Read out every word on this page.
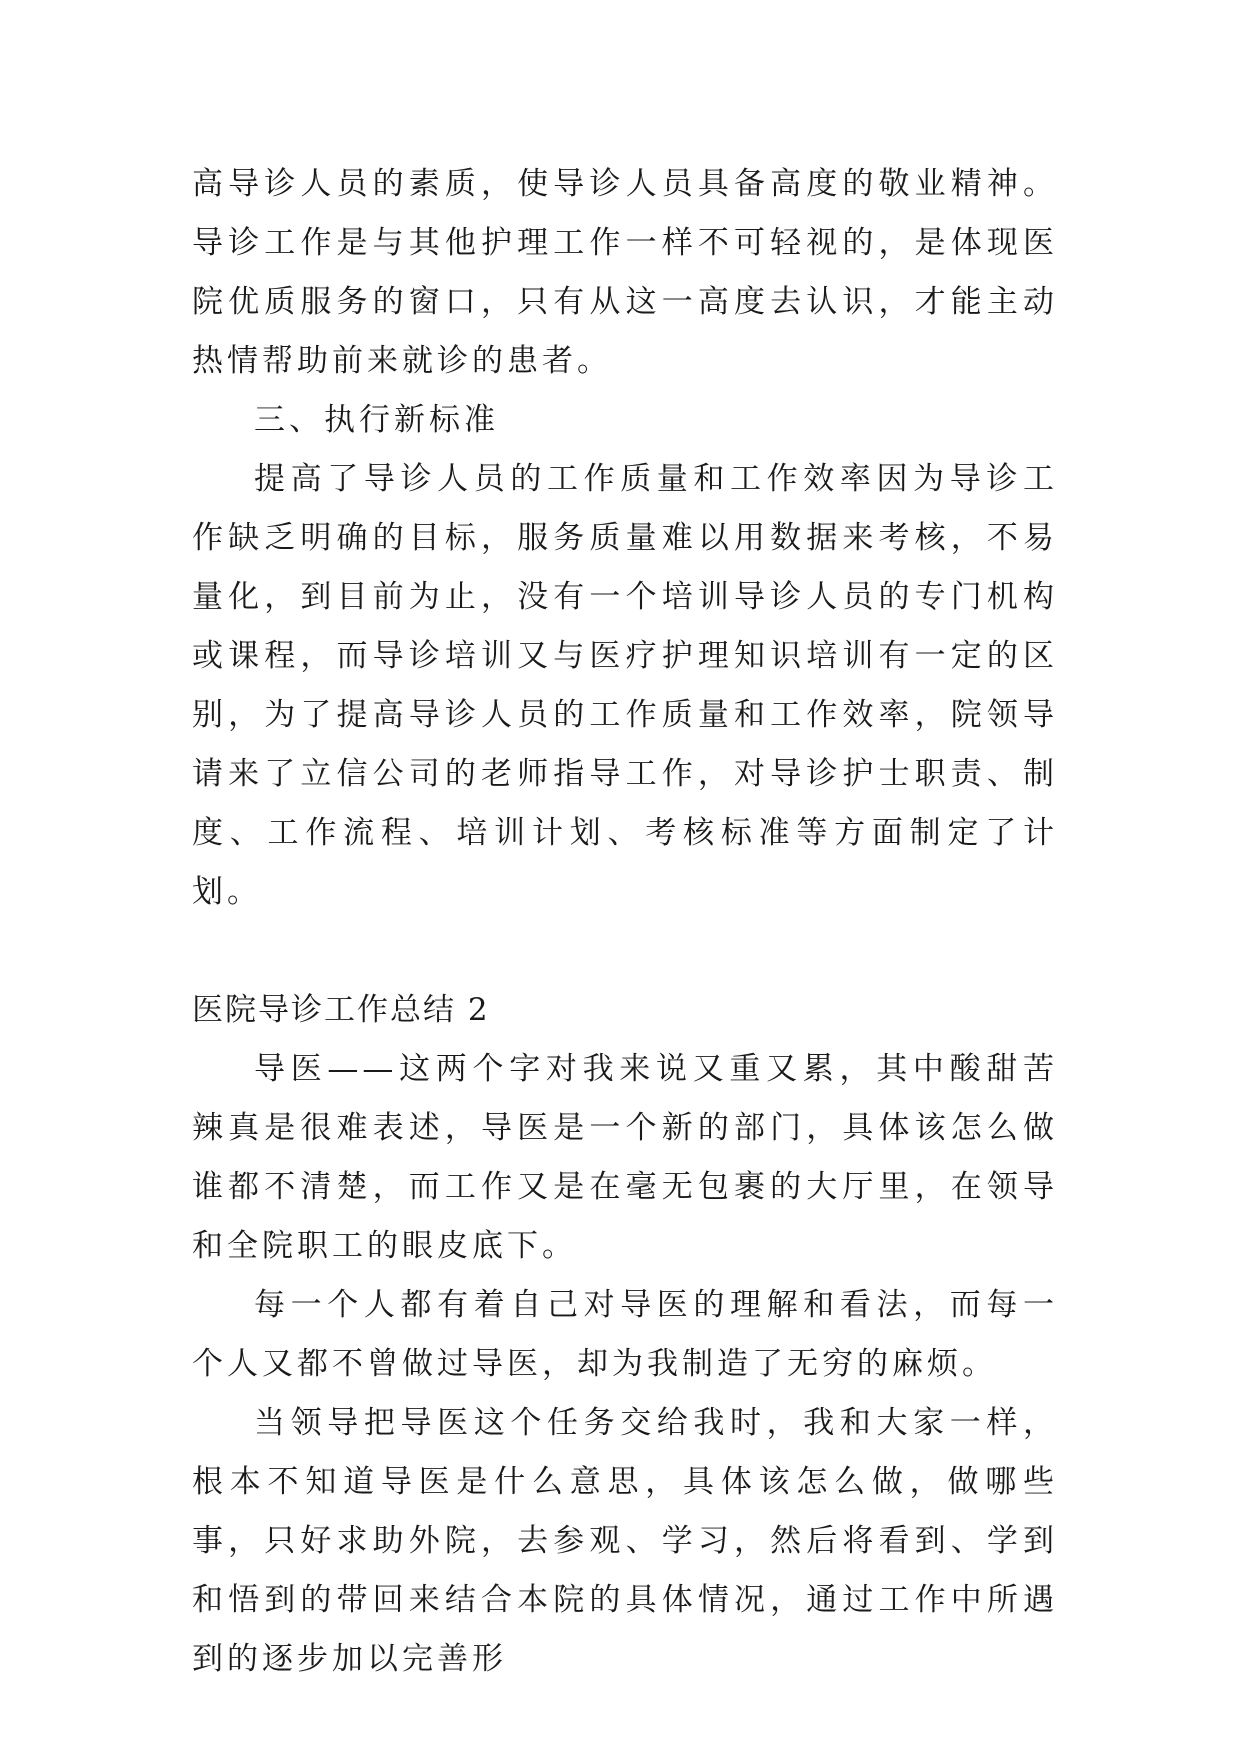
高导诊人员的素质，使导诊人员具备高度的敬业精神。导诊工作是与其他护理工作一样不可轻视的，是体现医院优质服务的窗口，只有从这一高度去认识，才能主动热情帮助前来就诊的患者。

三、执行新标准

提高了导诊人员的工作质量和工作效率因为导诊工作缺乏明确的目标，服务质量难以用数据来考核，不易量化，到目前为止，没有一个培训导诊人员的专门机构或课程，而导诊培训又与医疗护理知识培训有一定的区别，为了提高导诊人员的工作质量和工作效率，院领导请来了立信公司的老师指导工作，对导诊护士职责、制度、工作流程、培训计划、考核标准等方面制定了计划。

医院导诊工作总结 2

导医——这两个字对我来说又重又累，其中酸甜苦辣真是很难表述，导医是一个新的部门，具体该怎么做谁都不清楚，而工作又是在毫无包裹的大厅里，在领导和全院职工的眼皮底下。

每一个人都有着自己对导医的理解和看法，而每一个人又都不曾做过导医，却为我制造了无穷的麻烦。

当领导把导医这个任务交给我时，我和大家一样，根本不知道导医是什么意思，具体该怎么做，做哪些事，只好求助外院，去参观、学习，然后将看到、学到和悟到的带回来结合本院的具体情况，通过工作中所遇到的逐步加以完善形
